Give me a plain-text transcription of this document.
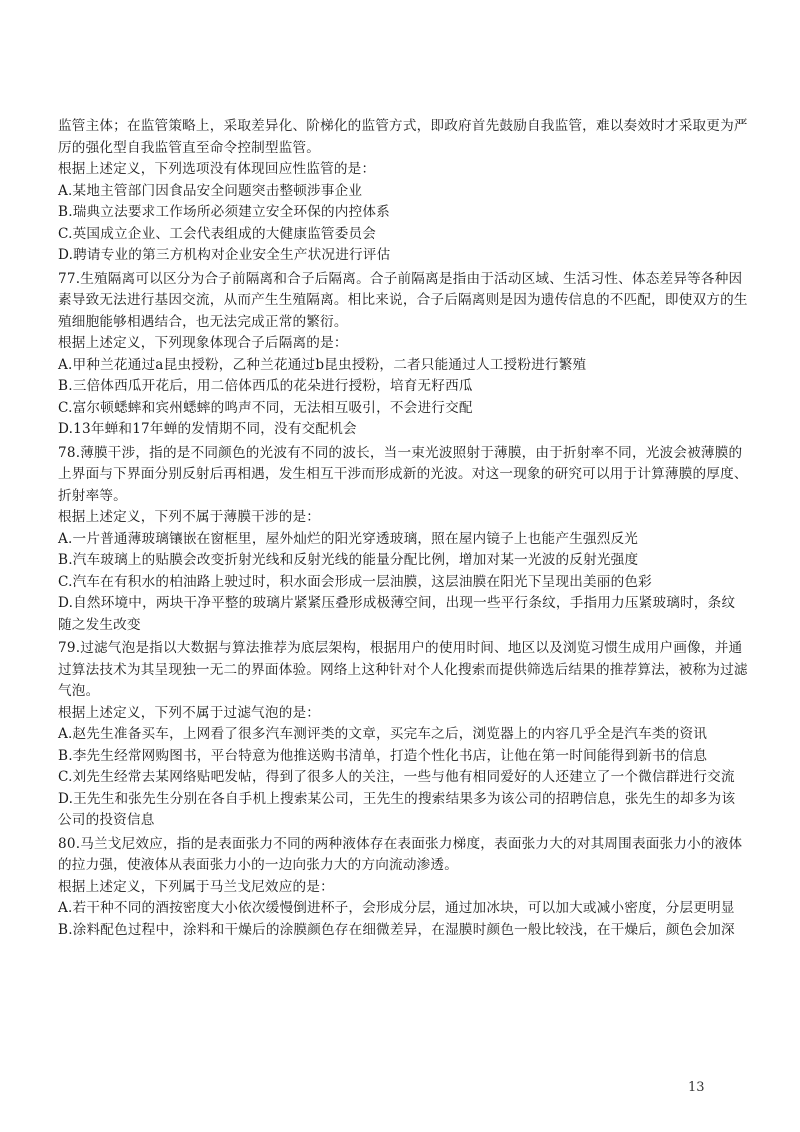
监管主体；在监管策略上，采取差异化、阶梯化的监管方式，即政府首先鼓励自我监管，难以奏效时才采取更为严厉的强化型自我监管直至命令控制型监管。
根据上述定义，下列选项没有体现回应性监管的是：
A.某地主管部门因食品安全问题突击整顿涉事企业
B.瑞典立法要求工作场所必须建立安全环保的内控体系
C.英国成立企业、工会代表组成的大健康监管委员会
D.聘请专业的第三方机构对企业安全生产状况进行评估
77.生殖隔离可以区分为合子前隔离和合子后隔离。合子前隔离是指由于活动区域、生活习性、体态差异等各种因素导致无法进行基因交流，从而产生生殖隔离。相比来说，合子后隔离则是因为遗传信息的不匹配，即使双方的生殖细胞能够相遇结合，也无法完成正常的繁衍。
根据上述定义，下列现象体现合子后隔离的是：
A.甲种兰花通过a昆虫授粉，乙种兰花通过b昆虫授粉，二者只能通过人工授粉进行繁殖
B.三倍体西瓜开花后，用二倍体西瓜的花朵进行授粉，培育无籽西瓜
C.富尔顿蟋蟀和宾州蟋蟀的鸣声不同，无法相互吸引，不会进行交配
D.13年蝉和17年蝉的发情期不同，没有交配机会
78.薄膜干涉，指的是不同颜色的光波有不同的波长，当一束光波照射于薄膜，由于折射率不同，光波会被薄膜的上界面与下界面分别反射后再相遇，发生相互干涉而形成新的光波。对这一现象的研究可以用于计算薄膜的厚度、折射率等。
根据上述定义，下列不属于薄膜干涉的是：
A.一片普通薄玻璃镶嵌在窗框里，屋外灿烂的阳光穿透玻璃，照在屋内镜子上也能产生强烈反光
B.汽车玻璃上的贴膜会改变折射光线和反射光线的能量分配比例，增加对某一光波的反射光强度
C.汽车在有积水的柏油路上驶过时，积水面会形成一层油膜，这层油膜在阳光下呈现出美丽的色彩
D.自然环境中，两块干净平整的玻璃片紧紧压叠形成极薄空间，出现一些平行条纹，手指用力压紧玻璃时，条纹随之发生改变
79.过滤气泡是指以大数据与算法推荐为底层架构，根据用户的使用时间、地区以及浏览习惯生成用户画像，并通过算法技术为其呈现独一无二的界面体验。网络上这种针对个人化搜索而提供筛选后结果的推荐算法，被称为过滤气泡。
根据上述定义，下列不属于过滤气泡的是：
A.赵先生准备买车，上网看了很多汽车测评类的文章，买完车之后，浏览器上的内容几乎全是汽车类的资讯
B.李先生经常网购图书，平台特意为他推送购书清单，打造个性化书店，让他在第一时间能得到新书的信息
C.刘先生经常去某网络贴吧发帖，得到了很多人的关注，一些与他有相同爱好的人还建立了一个微信群进行交流
D.王先生和张先生分别在各自手机上搜索某公司，王先生的搜索结果多为该公司的招聘信息，张先生的却多为该公司的投资信息
80.马兰戈尼效应，指的是表面张力不同的两种液体存在表面张力梯度，表面张力大的对其周围表面张力小的液体的拉力强，使液体从表面张力小的一边向张力大的方向流动渗透。
根据上述定义，下列属于马兰戈尼效应的是：
A.若干种不同的酒按密度大小依次缓慢倒进杯子，会形成分层，通过加冰块，可以加大或减小密度，分层更明显
B.涂料配色过程中，涂料和干燥后的涂膜颜色存在细微差异，在湿膜时颜色一般比较浅，在干燥后，颜色会加深
13
